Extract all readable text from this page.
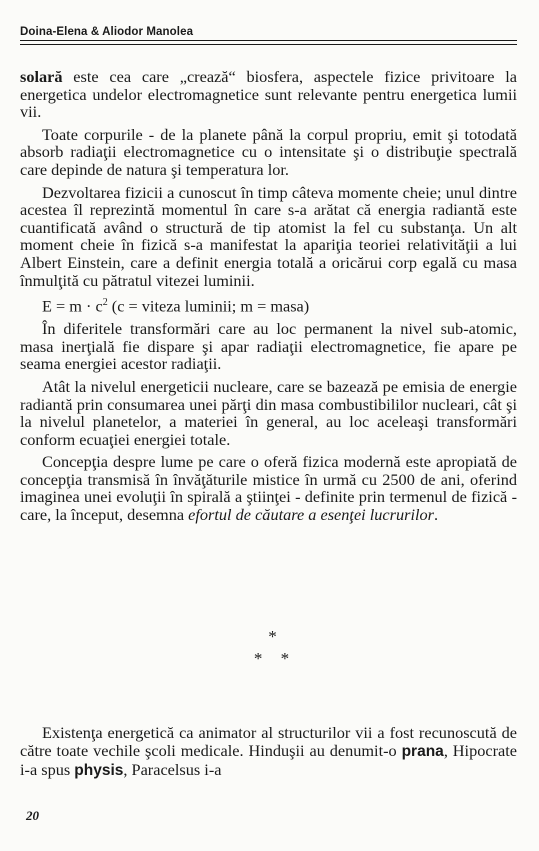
Doina-Elena & Aliodor Manolea

solară este cea care „crează“ biosfera, aspectele fizice privitoare la energetica undelor electromagnetice sunt relevante pentru energetica lumii vii.

Toate corpurile - de la planete până la corpul propriu, emit şi totodată absorb radiaţii electromagnetice cu o intensitate şi o distribuţie spectrală care depinde de natura şi temperatura lor.

Dezvoltarea fizicii a cunoscut în timp câteva momente cheie; unul dintre acestea îl reprezintă momentul în care s-a arătat că energia radiantă este cuantificată având o structură de tip atomist la fel cu substanţa. Un alt moment cheie în fizică s-a manifestat la apariţia teoriei relativităţii a lui Albert Einstein, care a definit energia totală a oricărui corp egală cu masa înmulţită cu pătratul vitezei luminii.

$E = m \cdot c^2$ (c = viteza luminii; m = masa)

În diferitele transformări care au loc permanent la nivel sub-atomic, masa inerţială fie dispare şi apar radiaţii electromagnetice, fie apare pe seama energiei acestor radiaţii.

Atât la nivelul energeticii nucleare, care se bazează pe emisia de energie radiantă prin consumarea unei părţi din masa combustibililor nucleari, cât şi la nivelul planetelor, a materiei în general, au loc aceleaşi transformări conform ecuaţiei energiei totale.

Concepţia despre lume pe care o oferă fizica modernă este apropiată de concepţia transmisă în învăţăturile mistice în urmă cu 2500 de ani, oferind imaginea unei evoluţii în spirală a ştiinţei - definite prin termenul de fizică - care, la început, desemna efortul de căutare a esenţei lucrurilor.

*
* *

Existenţa energetică ca animator al structurilor vii a fost recunoscută de către toate vechile şcoli medicale. Hinduşii au denumit-o prana, Hipocrate i-a spus physis, Paracelsus i-a

20
